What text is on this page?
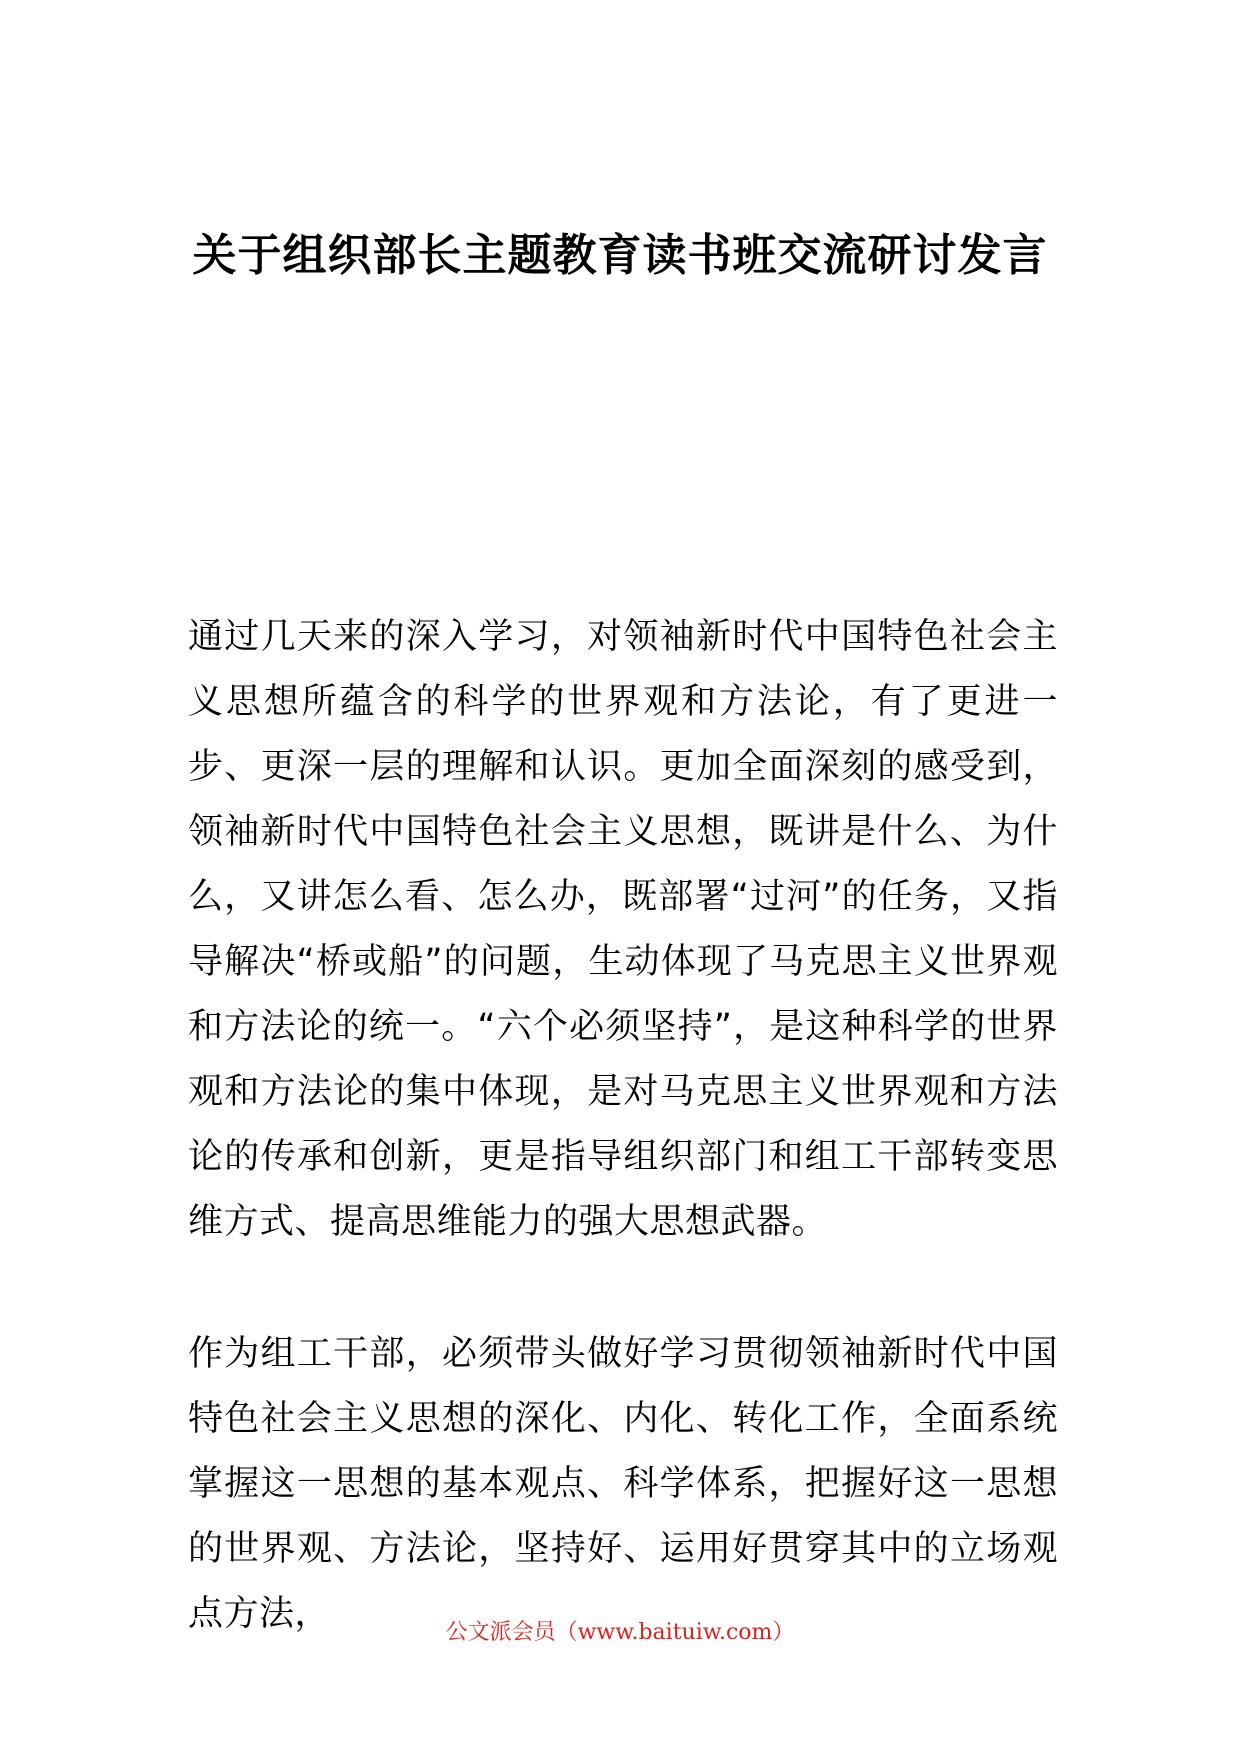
关于组织部长主题教育读书班交流研讨发言

通过几天来的深入学习，对领袖新时代中国特色社会主义思想所蕴含的科学的世界观和方法论，有了更进一步、更深一层的理解和认识。更加全面深刻的感受到，领袖新时代中国特色社会主义思想，既讲是什么、为什么，又讲怎么看、怎么办，既部署“过河”的任务，又指导解决“桥或船”的问题，生动体现了马克思主义世界观和方法论的统一。“六个必须坚持”，是这种科学的世界观和方法论的集中体现，是对马克思主义世界观和方法论的传承和创新，更是指导组织部门和组工干部转变思维方式、提高思维能力的强大思想武器。

作为组工干部，必须带头做好学习贯彻领袖新时代中国特色社会主义思想的深化、内化、转化工作，全面系统掌握这一思想的基本观点、科学体系，把握好这一思想的世界观、方法论，坚持好、运用好贯穿其中的立场观点方法，	公文派会员（www.baituiw.com）
